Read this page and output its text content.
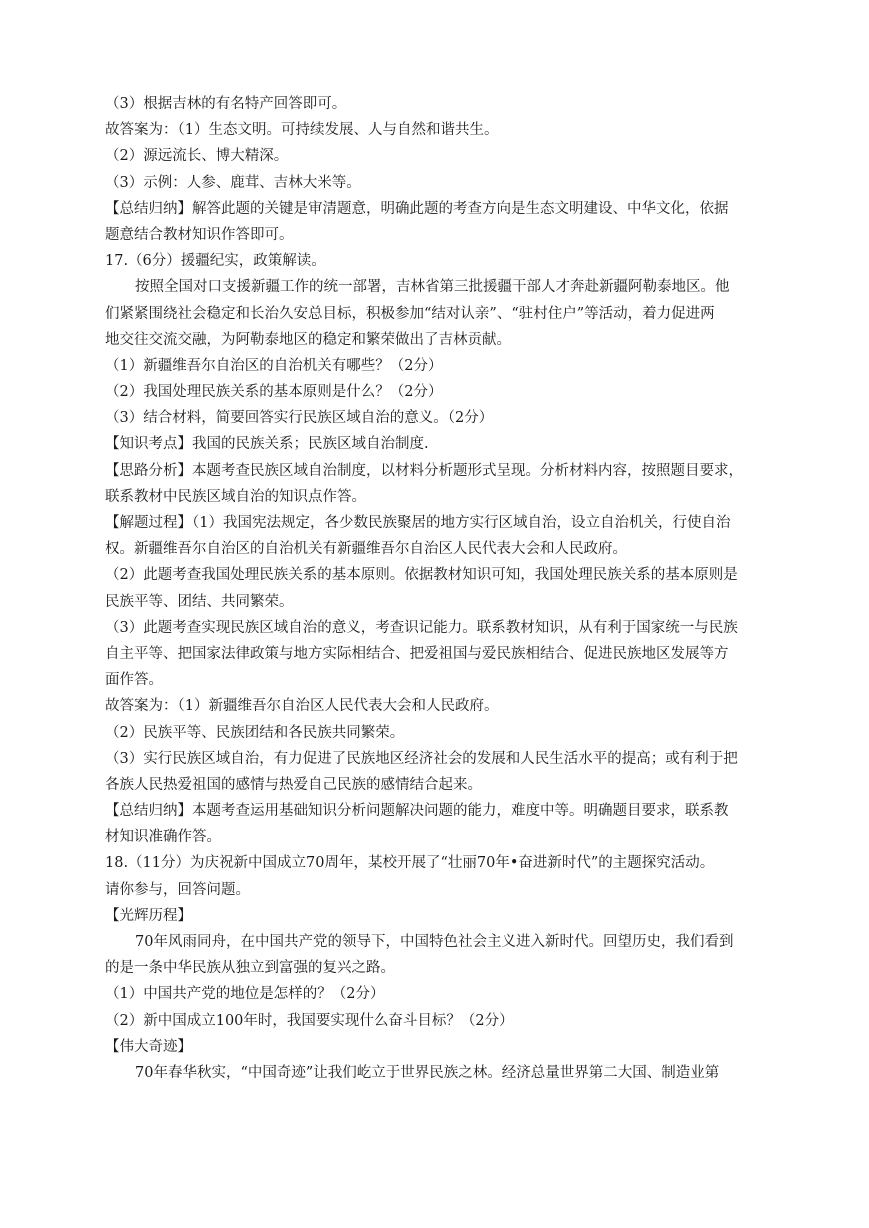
（3）根据吉林的有名特产回答即可。
故答案为：（1）生态文明。可持续发展、人与自然和谐共生。
（2）源远流长、博大精深。
（3）示例：人参、鹿茸、吉林大米等。
【总结归纳】解答此题的关键是审清题意，明确此题的考查方向是生态文明建设、中华文化，依据
题意结合教材知识作答即可。
17.（6分）援疆纪实，政策解读。
按照全国对口支援新疆工作的统一部署，吉林省第三批援疆干部人才奔赴新疆阿勒泰地区。他
们紧紧围绕社会稳定和长治久安总目标，积极参加“结对认亲”、“驻村住户”等活动，着力促进两
地交往交流交融，为阿勒泰地区的稳定和繁荣做出了吉林贡献。
（1）新疆维吾尔自治区的自治机关有哪些？（2分）
（2）我国处理民族关系的基本原则是什么？（2分）
（3）结合材料，简要回答实行民族区域自治的意义。（2分）
【知识考点】我国的民族关系；民族区域自治制度.
【思路分析】本题考查民族区域自治制度，以材料分析题形式呈现。分析材料内容，按照题目要求，
联系教材中民族区域自治的知识点作答。
【解题过程】（1）我国宪法规定，各少数民族聚居的地方实行区域自治，设立自治机关，行使自治
权。新疆维吾尔自治区的自治机关有新疆维吾尔自治区人民代表大会和人民政府。
（2）此题考查我国处理民族关系的基本原则。依据教材知识可知，我国处理民族关系的基本原则是
民族平等、团结、共同繁荣。
（3）此题考查实现民族区域自治的意义，考查识记能力。联系教材知识，从有利于国家统一与民族
自主平等、把国家法律政策与地方实际相结合、把爱祖国与爱民族相结合、促进民族地区发展等方
面作答。
故答案为：（1）新疆维吾尔自治区人民代表大会和人民政府。
（2）民族平等、民族团结和各民族共同繁荣。
（3）实行民族区域自治，有力促进了民族地区经济社会的发展和人民生活水平的提高；或有利于把
各族人民热爱祖国的感情与热爱自己民族的感情结合起来。
【总结归纳】本题考查运用基础知识分析问题解决问题的能力，难度中等。明确题目要求，联系教
材知识准确作答。
18.（11分）为庆祝新中国成立70周年，某校开展了“壮丽70年•奋进新时代”的主题探究活动。
请你参与，回答问题。
【光辉历程】
70年风雨同舟，在中国共产党的领导下，中国特色社会主义进入新时代。回望历史，我们看到
的是一条中华民族从独立到富强的复兴之路。
（1）中国共产党的地位是怎样的？（2分）
（2）新中国成立100年时，我国要实现什么奋斗目标？（2分）
【伟大奇迹】
70年春华秋实，“中国奇迹”让我们屹立于世界民族之林。经济总量世界第二大国、制造业第
